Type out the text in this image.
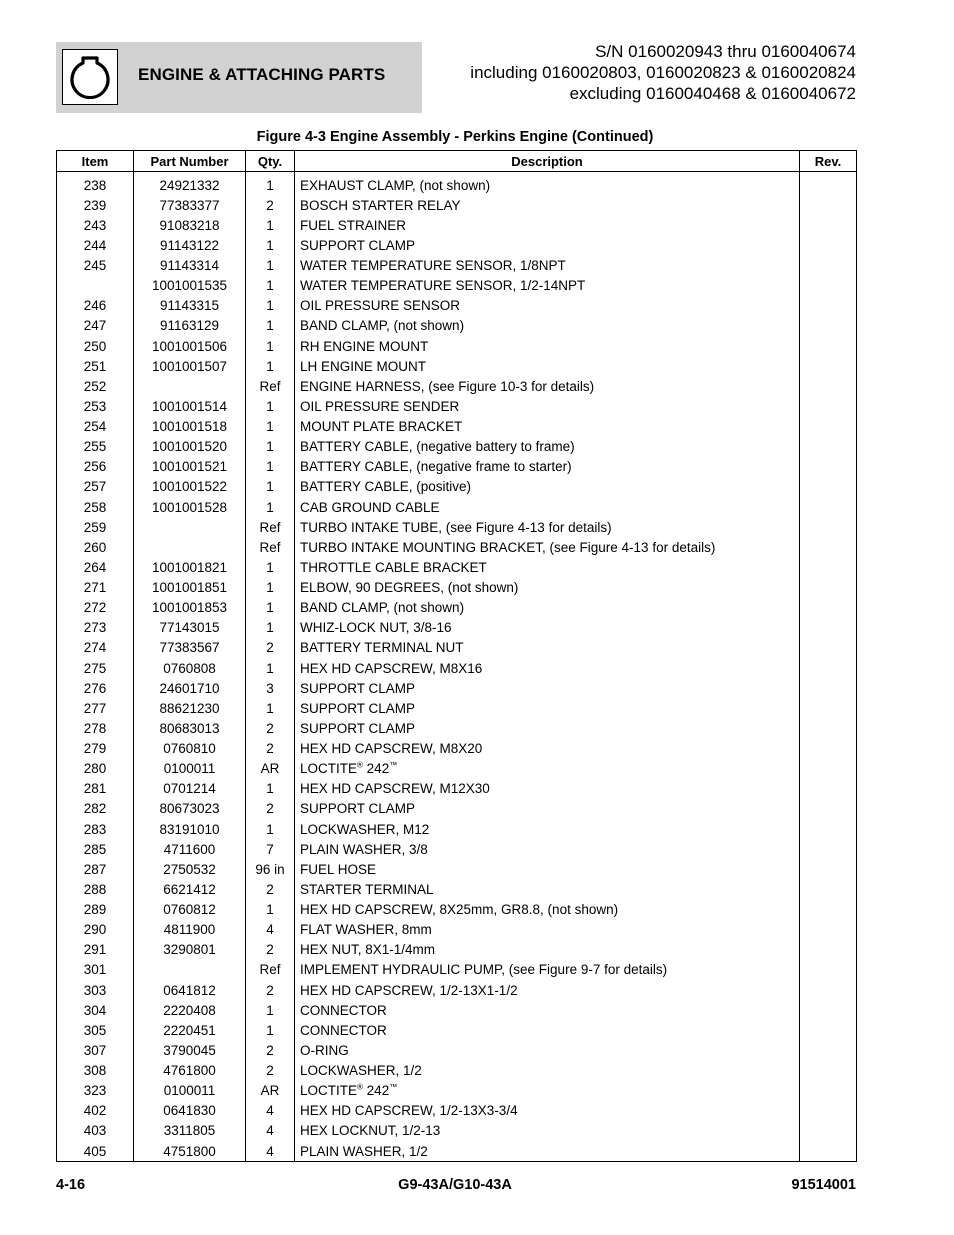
ENGINE & ATTACHING PARTS
S/N 0160020943 thru 0160040674
including 0160020803, 0160020823 & 0160020824
excluding 0160040468 & 0160040672
Figure 4-3 Engine Assembly - Perkins Engine (Continued)
Item	Part Number	Qty.	Description	Rev.
238	24921332	1	EXHAUST CLAMP, (not shown)	
239	77383377	2	BOSCH STARTER RELAY	
243	91083218	1	FUEL STRAINER	
244	91143122	1	SUPPORT CLAMP	
245	91143314	1	WATER TEMPERATURE SENSOR, 1/8NPT	
	1001001535	1	WATER TEMPERATURE SENSOR, 1/2-14NPT	
246	91143315	1	OIL PRESSURE SENSOR	
247	91163129	1	BAND CLAMP, (not shown)	
250	1001001506	1	RH ENGINE MOUNT	
251	1001001507	1	LH ENGINE MOUNT	
252		Ref	ENGINE HARNESS, (see Figure 10-3 for details)	
253	1001001514	1	OIL PRESSURE SENDER	
254	1001001518	1	MOUNT PLATE BRACKET	
255	1001001520	1	BATTERY CABLE, (negative battery to frame)	
256	1001001521	1	BATTERY CABLE, (negative frame to starter)	
257	1001001522	1	BATTERY CABLE, (positive)	
258	1001001528	1	CAB GROUND CABLE	
259		Ref	TURBO INTAKE TUBE, (see Figure 4-13 for details)	
260		Ref	TURBO INTAKE MOUNTING BRACKET, (see Figure 4-13 for details)	
264	1001001821	1	THROTTLE CABLE BRACKET	
271	1001001851	1	ELBOW, 90 DEGREES, (not shown)	
272	1001001853	1	BAND CLAMP, (not shown)	
273	77143015	1	WHIZ-LOCK NUT, 3/8-16	
274	77383567	2	BATTERY TERMINAL NUT	
275	0760808	1	HEX HD CAPSCREW, M8X16	
276	24601710	3	SUPPORT CLAMP	
277	88621230	1	SUPPORT CLAMP	
278	80683013	2	SUPPORT CLAMP	
279	0760810	2	HEX HD CAPSCREW, M8X20	
280	0100011	AR	LOCTITE® 242™	
281	0701214	1	HEX HD CAPSCREW, M12X30	
282	80673023	2	SUPPORT CLAMP	
283	83191010	1	LOCKWASHER, M12	
285	4711600	7	PLAIN WASHER, 3/8	
287	2750532	96 in	FUEL HOSE	
288	6621412	2	STARTER TERMINAL	
289	0760812	1	HEX HD CAPSCREW, 8X25mm, GR8.8, (not shown)	
290	4811900	4	FLAT WASHER, 8mm	
291	3290801	2	HEX NUT, 8X1-1/4mm	
301		Ref	IMPLEMENT HYDRAULIC PUMP, (see Figure 9-7 for details)	
303	0641812	2	HEX HD CAPSCREW, 1/2-13X1-1/2	
304	2220408	1	CONNECTOR	
305	2220451	1	CONNECTOR	
307	3790045	2	O-RING	
308	4761800	2	LOCKWASHER, 1/2	
323	0100011	AR	LOCTITE® 242™	
402	0641830	4	HEX HD CAPSCREW, 1/2-13X3-3/4	
403	3311805	4	HEX LOCKNUT, 1/2-13	
405	4751800	4	PLAIN WASHER, 1/2	
4-16	G9-43A/G10-43A	91514001
